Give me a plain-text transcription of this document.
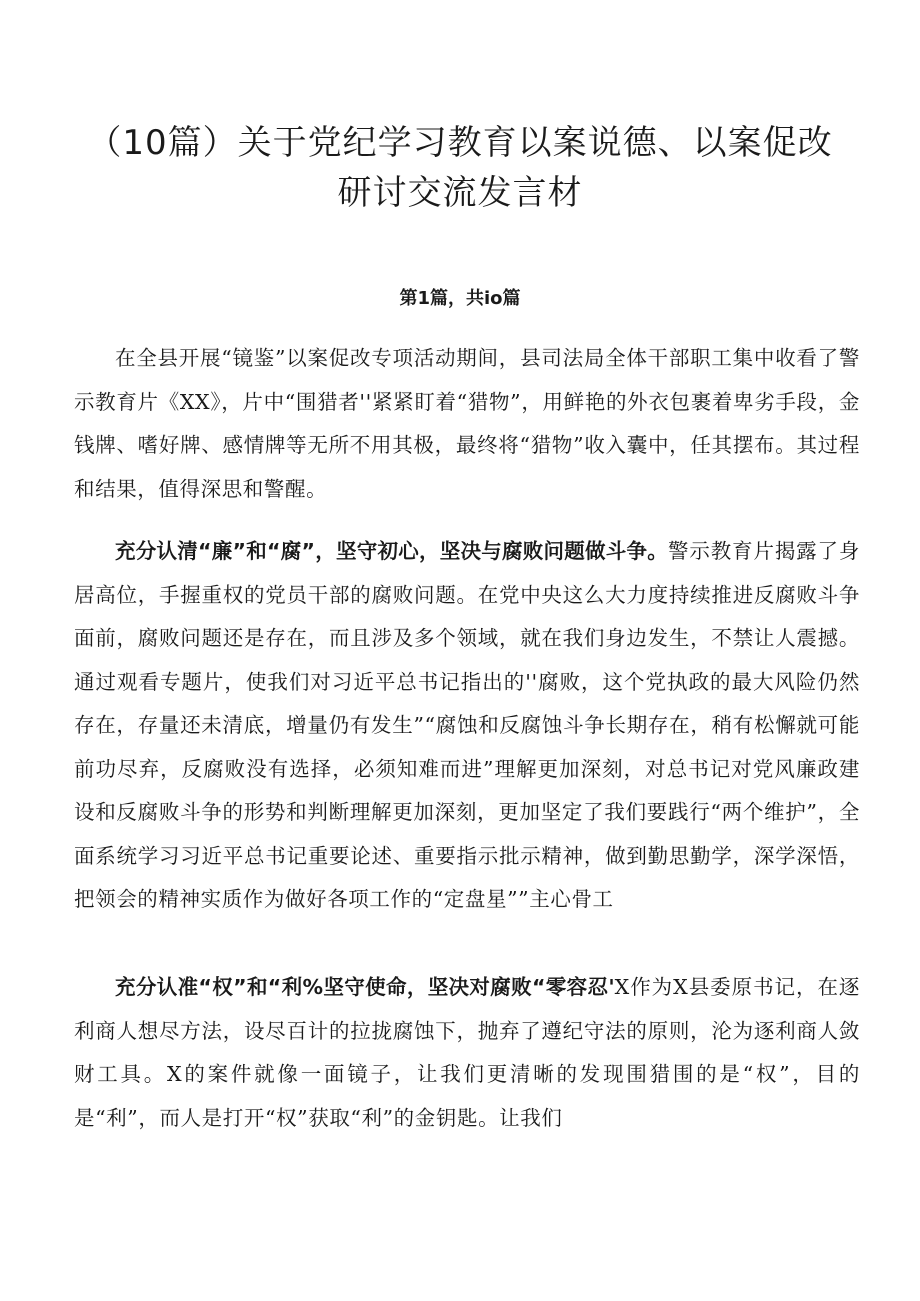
（10篇）关于党纪学习教育以案说德、以案促改研讨交流发言材
第1篇，共io篇

在全县开展“镜鉴”以案促改专项活动期间，县司法局全体干部职工集中收看了警示教育片《XX》，片中“围猎者''紧紧盯着“猎物”，用鲜艳的外衣包裹着卑劣手段，金钱牌、嗜好牌、感情牌等无所不用其极，最终将“猎物”收入囊中，任其摆布。其过程和结果，值得深思和警醒。

充分认清“廉”和“腐”，坚守初心，坚决与腐败问题做斗争。警示教育片揭露了身居高位，手握重权的党员干部的腐败问题。在党中央这么大力度持续推进反腐败斗争面前，腐败问题还是存在，而且涉及多个领域，就在我们身边发生，不禁让人震撼。通过观看专题片，使我们对习近平总书记指出的''腐败，这个党执政的最大风险仍然存在，存量还未清底，增量仍有发生”“腐蚀和反腐蚀斗争长期存在，稍有松懈就可能前功尽弃，反腐败没有选择，必须知难而进”理解更加深刻，对总书记对党风廉政建设和反腐败斗争的形势和判断理解更加深刻，更加坚定了我们要践行“两个维护”，全面系统学习习近平总书记重要论述、重要指示批示精神，做到勤思勤学，深学深悟，把领会的精神实质作为做好各项工作的“定盘星””主心骨工

充分认准“权”和“利%坚守使命，坚决对腐败“零容忍'X作为X县委原书记，在逐利商人想尽方法，设尽百计的拉拢腐蚀下，抛弃了遵纪守法的原则，沦为逐利商人敛财工具。X的案件就像一面镜子，让我们更清晰的发现围猎围的是“权”，目的是“利”，而人是打开“权”获取“利”的金钥匙。让我们
